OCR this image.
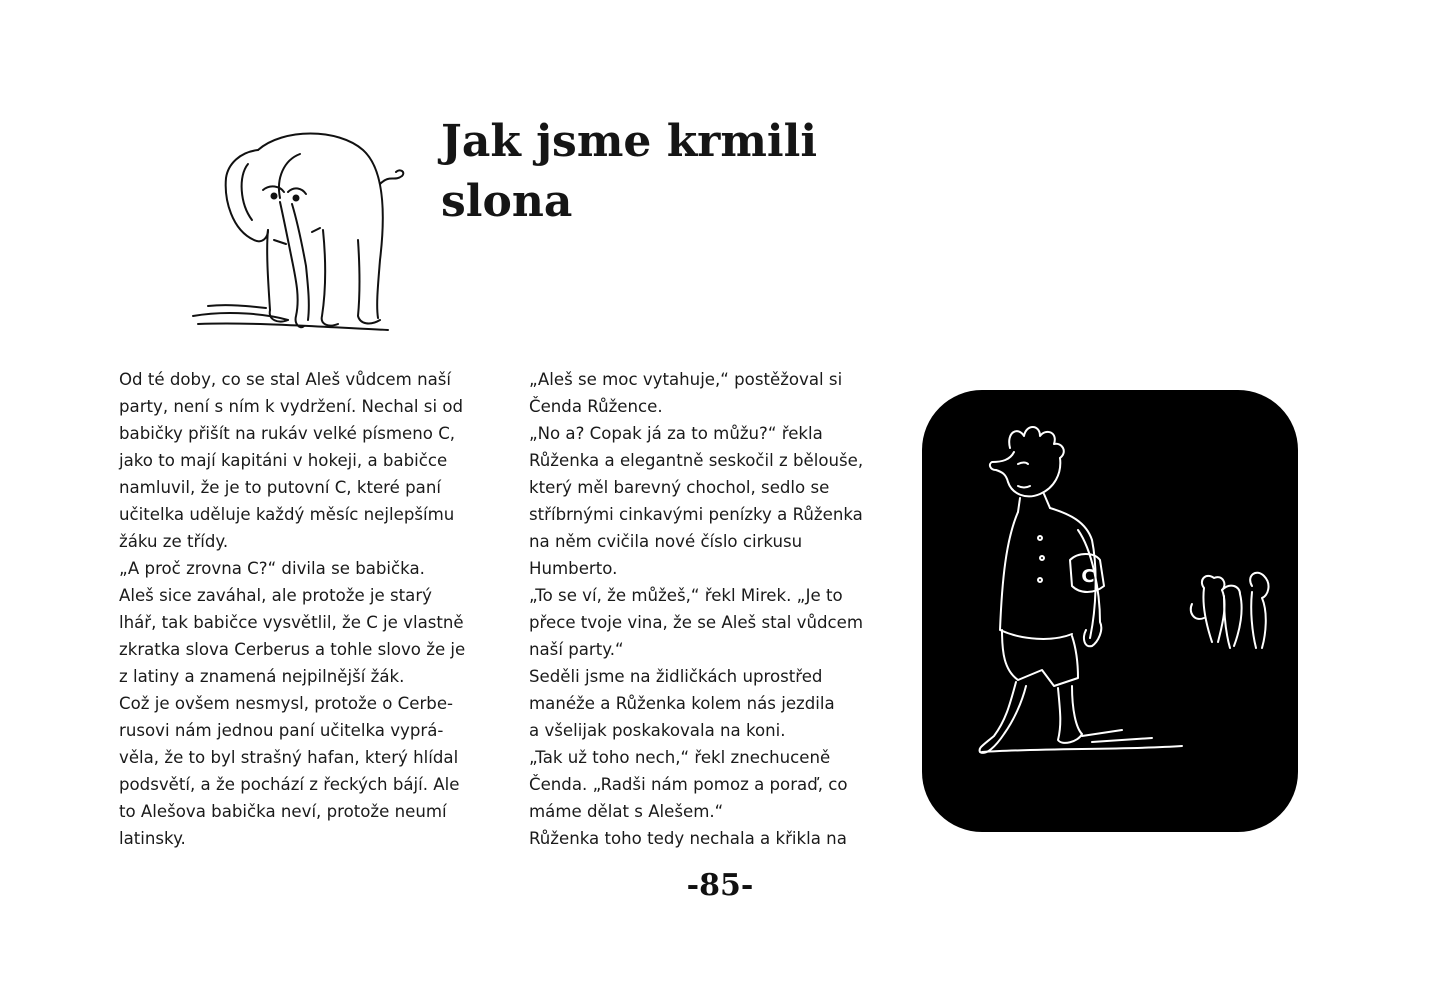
Jak jsme krmili slona
Od té doby, co se stal Aleš vůdcem naší
party, není s ním k vydržení. Nechal si od
babičky přišít na rukáv velké písmeno C,
jako to mají kapitáni v hokeji, a babičce
namluvil, že je to putovní C, které paní
učitelka uděluje každý měsíc nejlepšímu
žáku ze třídy.
„A proč zrovna C?“ divila se babička.
Aleš sice zaváhal, ale protože je starý
lhář, tak babičce vysvětlil, že C je vlastně
zkratka slova Cerberus a tohle slovo že je
z latiny a znamená nejpilnější žák.
Což je ovšem nesmysl, protože o Cerbe-
rusovi nám jednou paní učitelka vyprá-
věla, že to byl strašný hafan, který hlídal
podsvětí, a že pochází z řeckých bájí. Ale
to Alešova babička neví, protože neumí
latinsky.
„Aleš se moc vytahuje,“ postěžoval si
Čenda Růžence.
„No a? Copak já za to můžu?“ řekla
Růženka a elegantně seskočil z bělouše,
který měl barevný chochol, sedlo se
stříbrnými cinkavými penízky a Růženka
na něm cvičila nové číslo cirkusu
Humberto.
„To se ví, že můžeš,“ řekl Mirek. „Je to
přece tvoje vina, že se Aleš stal vůdcem
naší party.“
Seděli jsme na židličkách uprostřed
manéže a Růženka kolem nás jezdila
a všelijak poskakovala na koni.
„Tak už toho nech,“ řekl znechuceně
Čenda. „Radši nám pomoz a poraď, co
máme dělat s Alešem.“
Růženka toho tedy nechala a křikla na
C
-85-
